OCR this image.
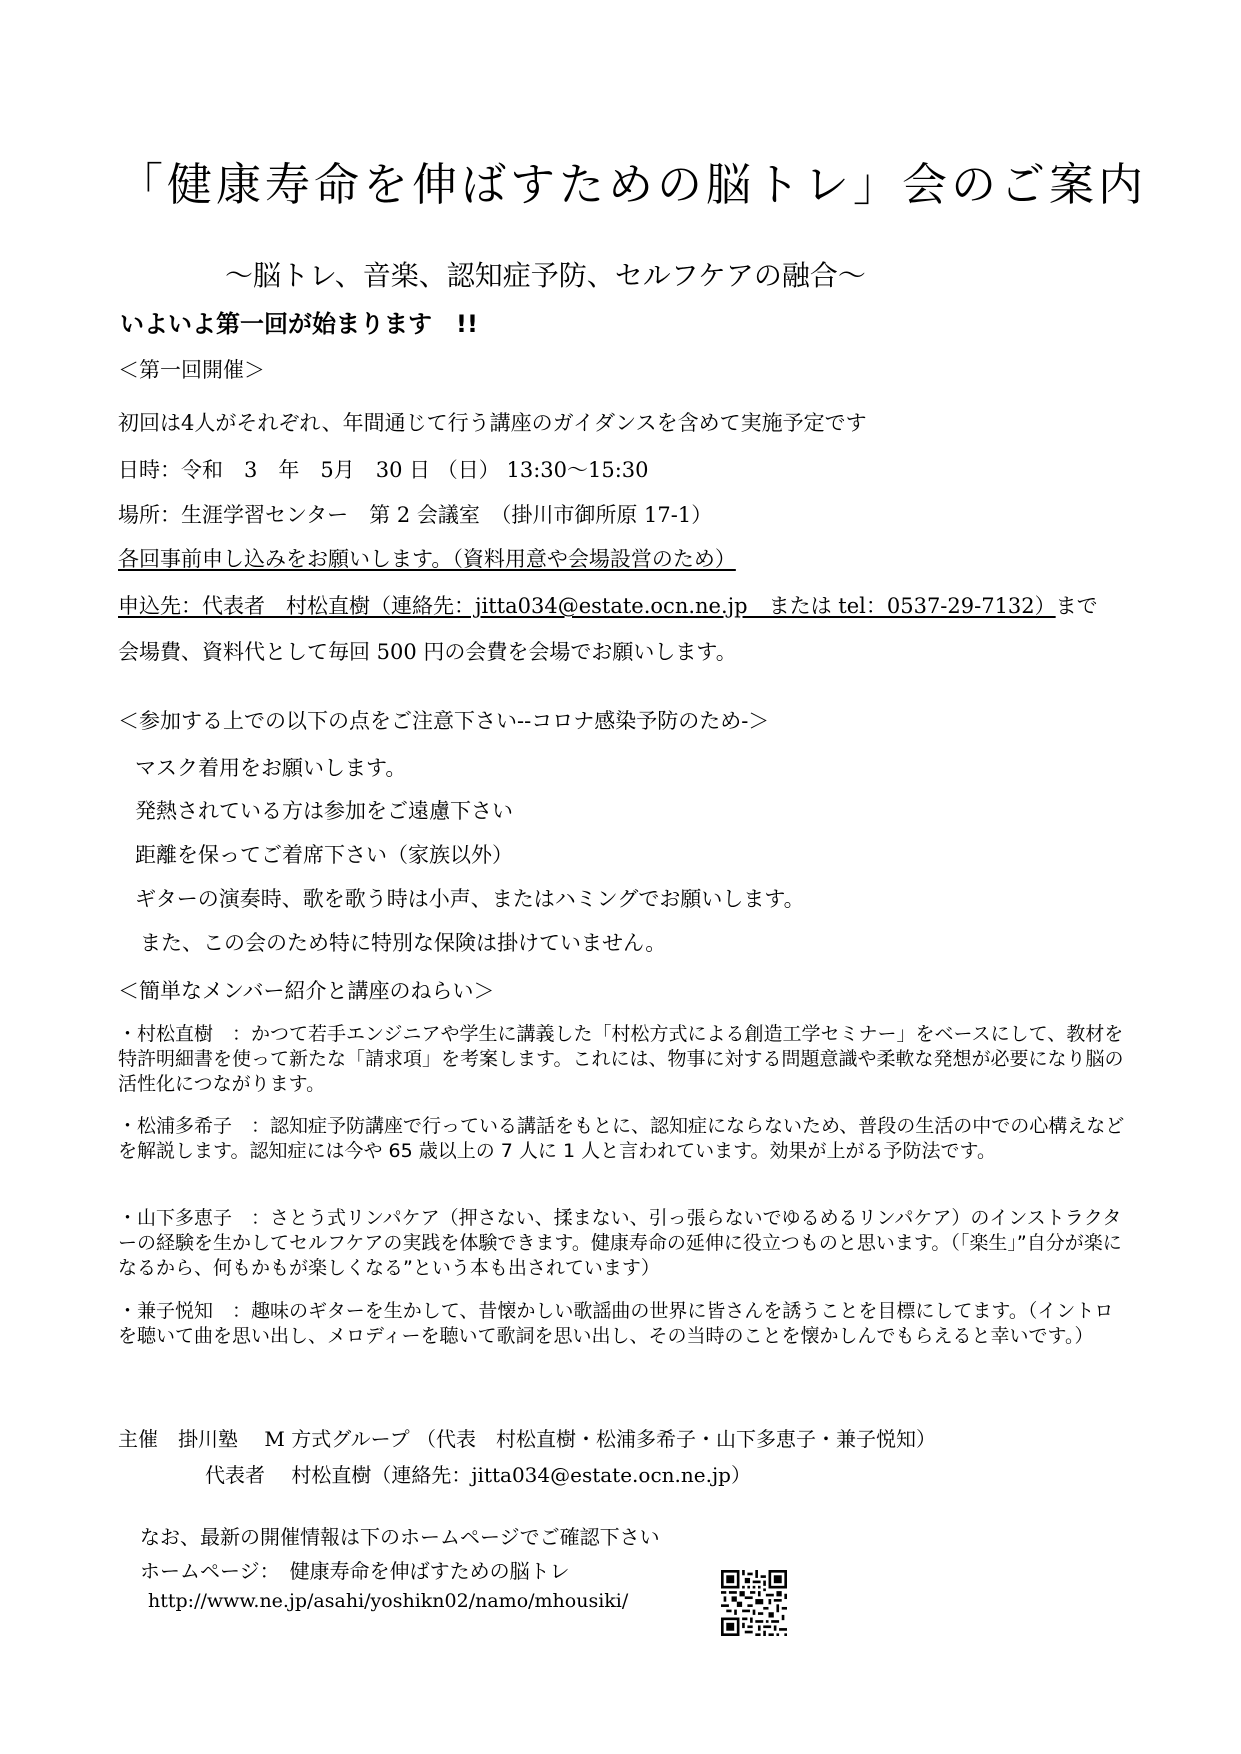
「健康寿命を伸ばすための脳トレ」会のご案内
～脳トレ、音楽、認知症予防、セルフケアの融合～
いよいよ第一回が始まります　!!
＜第一回開催＞
初回は4人がそれぞれ、年間通じて行う講座のガイダンスを含めて実施予定です
日時：令和　3　年　5月　30 日 （日） 13:30～15:30
場所：生涯学習センター　第 2 会議室　（掛川市御所原 17-1）
各回事前申し込みをお願いします。（資料用意や会場設営のため）
申込先：代表者　村松直樹（連絡先：jitta034@estate.ocn.ne.jp　または tel：0537-29-7132）まで
会場費、資料代として毎回 500 円の会費を会場でお願いします。
＜参加する上での以下の点をご注意下さい--コロナ感染予防のため-＞
マスク着用をお願いします。
発熱されている方は参加をご遠慮下さい
距離を保ってご着席下さい（家族以外）
ギターの演奏時、歌を歌う時は小声、またはハミングでお願いします。
また、この会のため特に特別な保険は掛けていません。
＜簡単なメンバー紹介と講座のねらい＞
・村松直樹　：かつて若手エンジニアや学生に講義した「村松方式による創造工学セミナー」をベースにして、教材を特許明細書を使って新たな「請求項」を考案します。これには、物事に対する問題意識や柔軟な発想が必要になり脳の活性化につながります。
・松浦多希子　：認知症予防講座で行っている講話をもとに、認知症にならないため、普段の生活の中での心構えなどを解説します。認知症には今や 65 歳以上の 7 人に 1 人と言われています。効果が上がる予防法です。
・山下多恵子　：さとう式リンパケア（押さない、揉まない、引っ張らないでゆるめるリンパケア）のインストラクターの経験を生かしてセルフケアの実践を体験できます。健康寿命の延伸に役立つものと思います。（「楽生」”自分が楽になるから、何もかもが楽しくなる”という本も出されています）
・兼子悦知　：趣味のギターを生かして、昔懐かしい歌謡曲の世界に皆さんを誘うことを目標にしてます。（イントロを聴いて曲を思い出し、メロディーを聴いて歌詞を思い出し、その当時のことを懐かしんでもらえると幸いです。）
主催　掛川塾　 M 方式グループ （代表　村松直樹・松浦多希子・山下多恵子・兼子悦知）
代表者　 村松直樹（連絡先：jitta034@estate.ocn.ne.jp）
なお、最新の開催情報は下のホームページでご確認下さい
ホームページ：　健康寿命を伸ばすための脳トレ
http://www.ne.jp/asahi/yoshikn02/namo/mhousiki/
